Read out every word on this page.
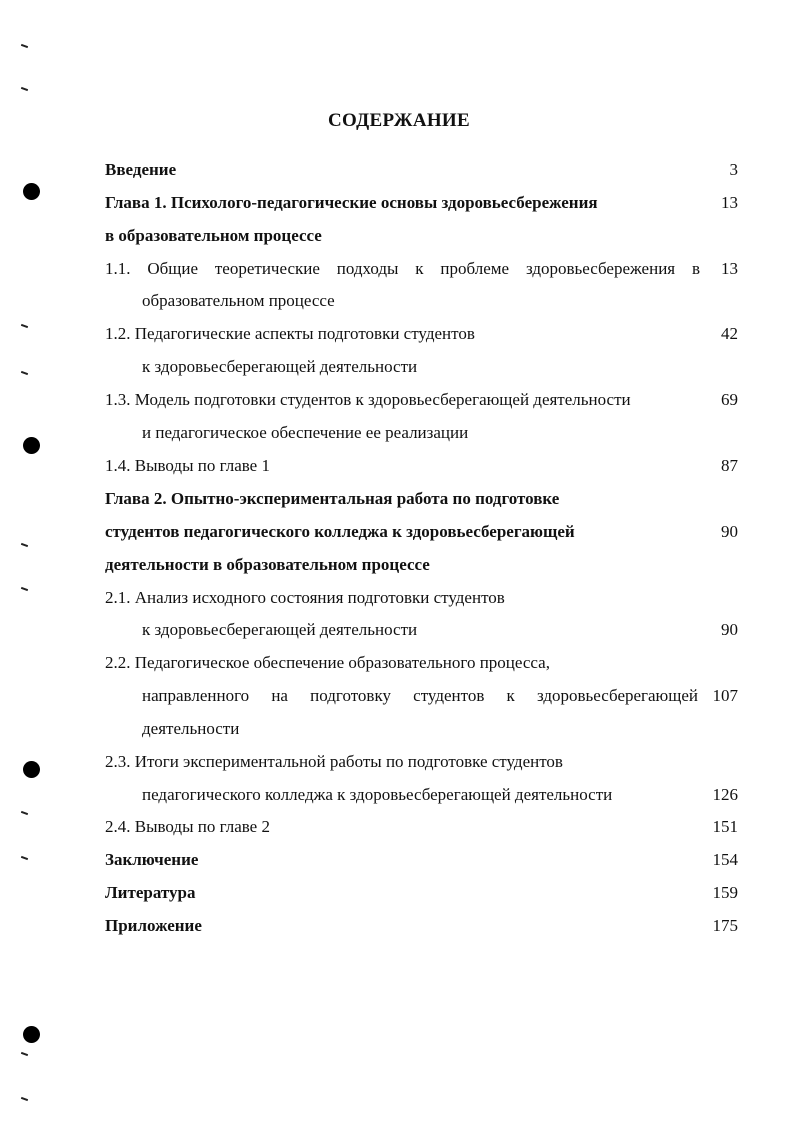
СОДЕРЖАНИЕ
Введение	3
Глава 1. Психолого-педагогические основы здоровьесбережения	13
в образовательном процессе
1.1. Общие теоретические подходы к проблеме здоровьесбережения в	13
образовательном процессе
1.2. Педагогические аспекты подготовки студентов	42
к здоровьесберегающей деятельности
1.3. Модель подготовки студентов к здоровьесберегающей деятельности	69
и педагогическое обеспечение ее реализации
1.4. Выводы по главе 1	87
Глава 2. Опытно-экспериментальная работа по подготовке
студентов педагогического колледжа к здоровьесберегающей	90
деятельности в образовательном процессе
2.1. Анализ исходного состояния подготовки студентов
к здоровьесберегающей деятельности	90
2.2. Педагогическое обеспечение образовательного процесса,
направленного на подготовку студентов к здоровьесберегающей 107
деятельности
2.3. Итоги экспериментальной работы по подготовке студентов
педагогического колледжа к здоровьесберегающей деятельности	126
2.4. Выводы по главе 2	151
Заключение	154
Литература	159
Приложение	175
